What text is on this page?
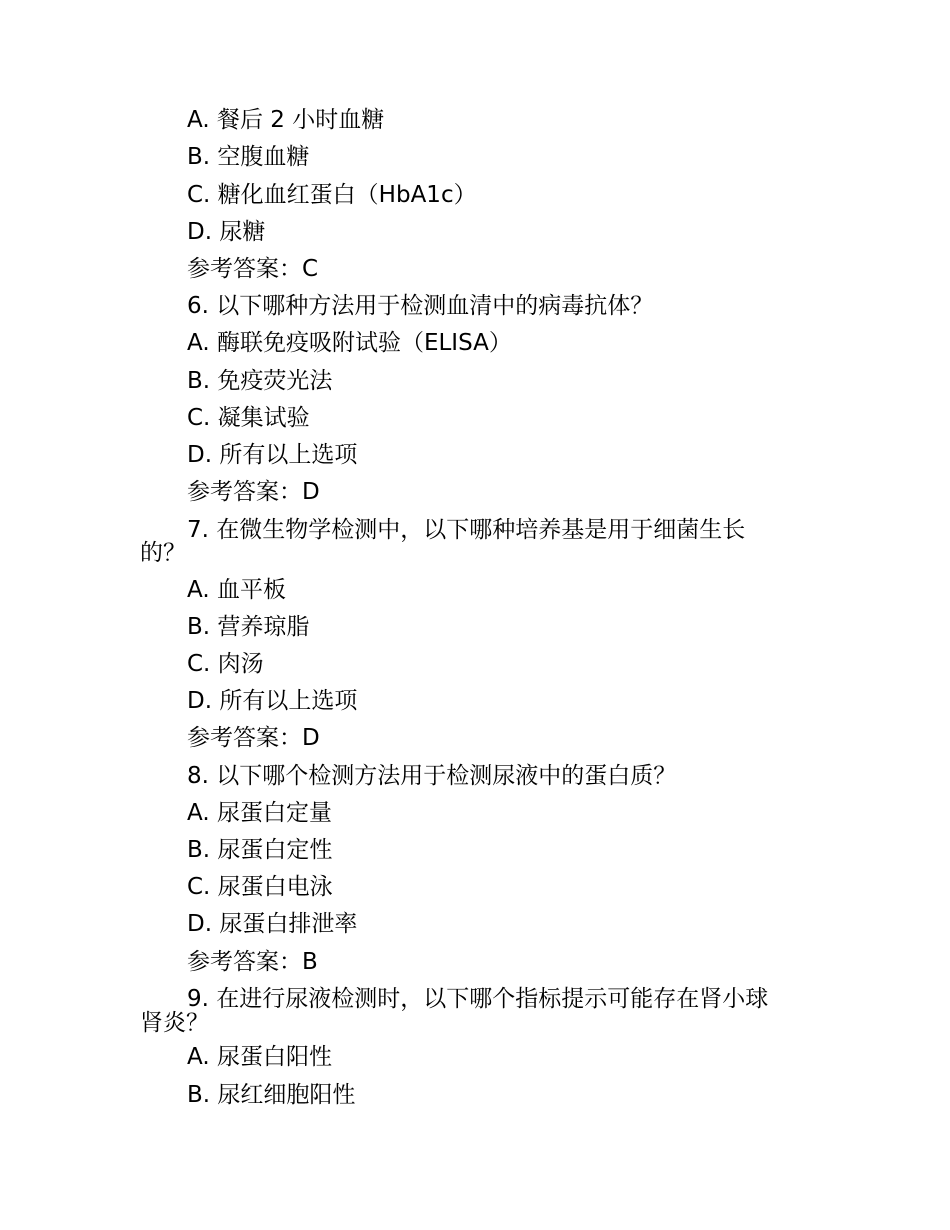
A. 餐后 2 小时血糖
B. 空腹血糖
C. 糖化血红蛋白（HbA1c）
D. 尿糖
参考答案：C
6. 以下哪种方法用于检测血清中的病毒抗体？
A. 酶联免疫吸附试验（ELISA）
B. 免疫荧光法
C. 凝集试验
D. 所有以上选项
参考答案：D
7. 在微生物学检测中，以下哪种培养基是用于细菌生长
的？
A. 血平板
B. 营养琼脂
C. 肉汤
D. 所有以上选项
参考答案：D
8. 以下哪个检测方法用于检测尿液中的蛋白质？
A. 尿蛋白定量
B. 尿蛋白定性
C. 尿蛋白电泳
D. 尿蛋白排泄率
参考答案：B
9. 在进行尿液检测时，以下哪个指标提示可能存在肾小球
肾炎？
A. 尿蛋白阳性
B. 尿红细胞阳性
